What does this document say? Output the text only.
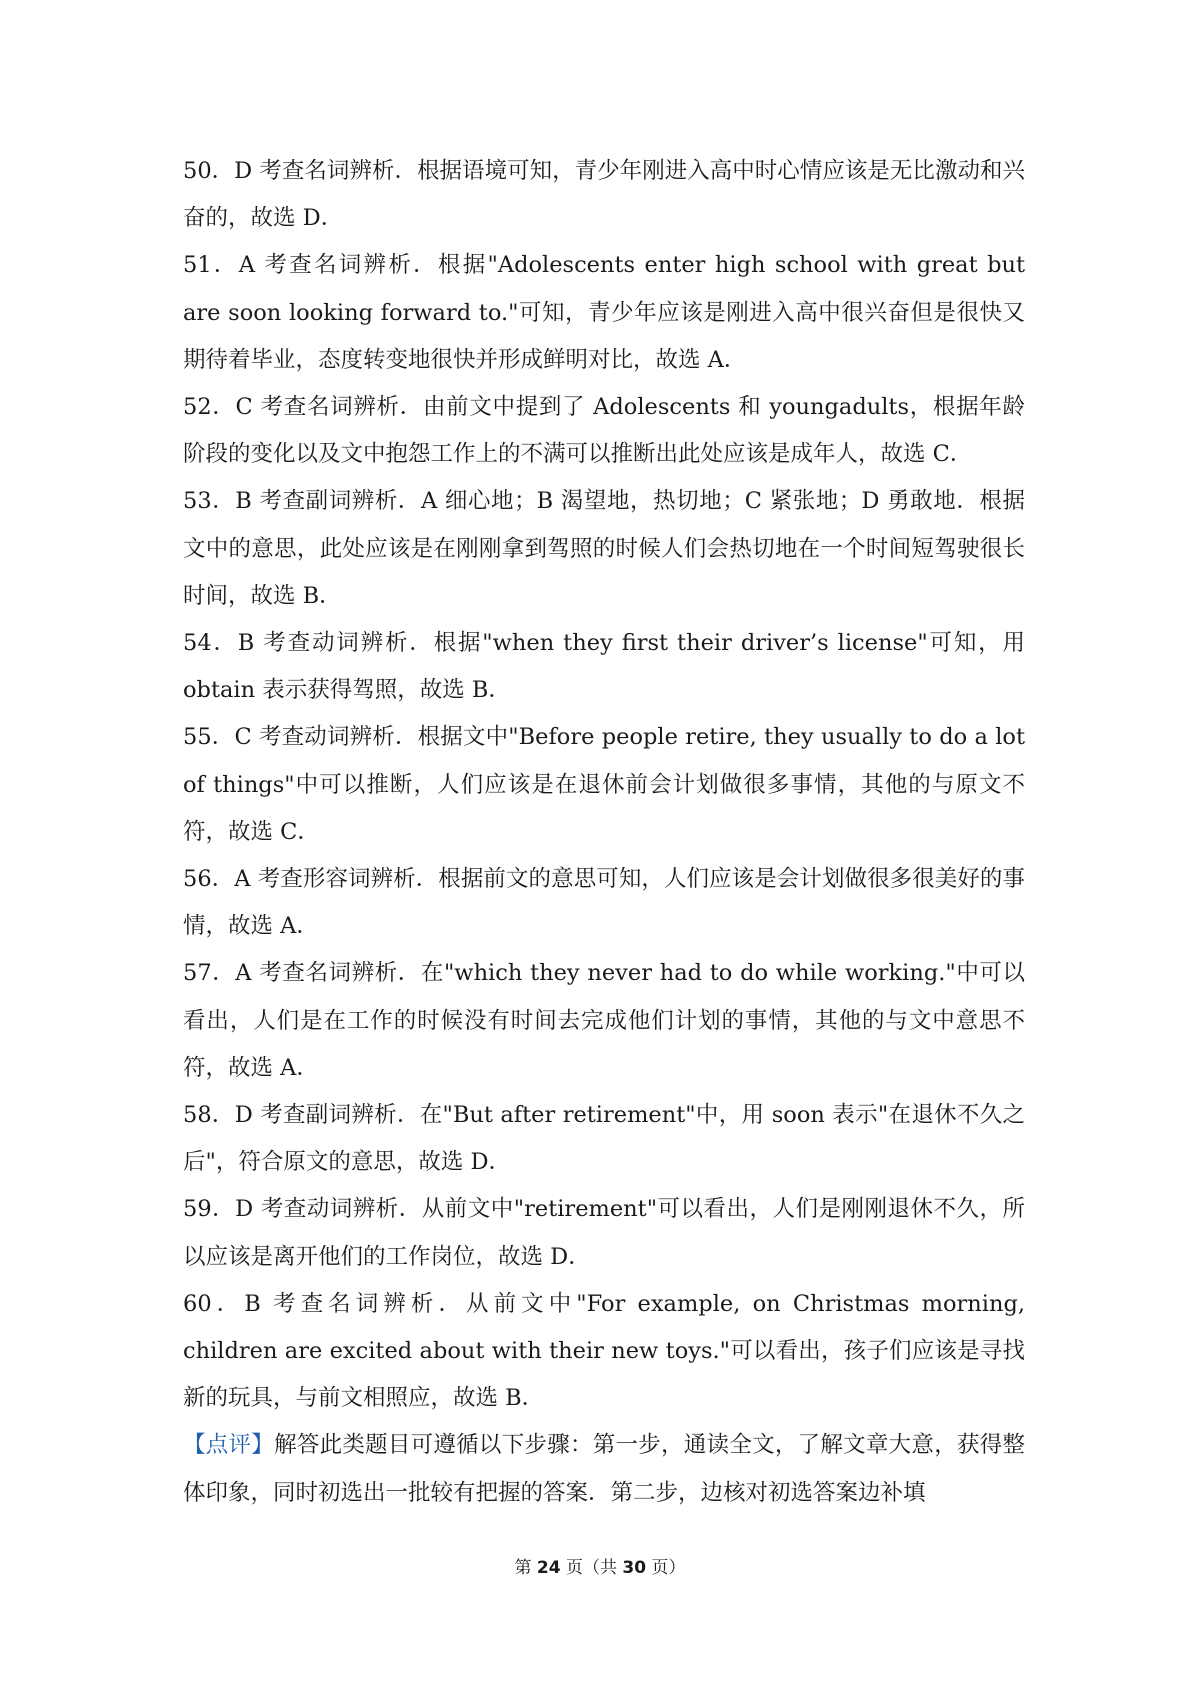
50．D 考查名词辨析．根据语境可知，青少年刚进入高中时心情应该是无比激动和兴奋的，故选 D．

51．A 考查名词辨析．根据"Adolescents enter high school with great but are soon looking forward to."可知，青少年应该是刚进入高中很兴奋但是很快又期待着毕业，态度转变地很快并形成鲜明对比，故选 A．

52．C 考查名词辨析．由前文中提到了 Adolescents 和 youngadults，根据年龄阶段的变化以及文中抱怨工作上的不满可以推断出此处应该是成年人，故选 C．

53．B 考查副词辨析．A 细心地；B 渴望地，热切地；C 紧张地；D 勇敢地．根据文中的意思，此处应该是在刚刚拿到驾照的时候人们会热切地在一个时间短驾驶很长时间，故选 B．

54．B 考查动词辨析．根据"when they first their driver’s license"可知，用 obtain 表示获得驾照，故选 B．

55．C 考查动词辨析．根据文中"Before people retire, they usually to do a lot of things"中可以推断，人们应该是在退休前会计划做很多事情，其他的与原文不符，故选 C．

56．A 考查形容词辨析．根据前文的意思可知，人们应该是会计划做很多很美好的事情，故选 A．

57．A 考查名词辨析．在"which they never had to do while working."中可以看出，人们是在工作的时候没有时间去完成他们计划的事情，其他的与文中意思不符，故选 A．

58．D 考查副词辨析．在"But after retirement"中，用 soon 表示"在退休不久之后"，符合原文的意思，故选 D．

59．D 考查动词辨析．从前文中"retirement"可以看出，人们是刚刚退休不久，所以应该是离开他们的工作岗位，故选 D．

60．B 考查名词辨析．从前文中"For example, on Christmas morning, children are excited about with their new toys."可以看出，孩子们应该是寻找新的玩具，与前文相照应，故选 B．

【点评】解答此类题目可遵循以下步骤：第一步，通读全文，了解文章大意，获得整体印象，同时初选出一批较有把握的答案．第二步，边核对初选答案边补填

第 24 页（共 30 页）
